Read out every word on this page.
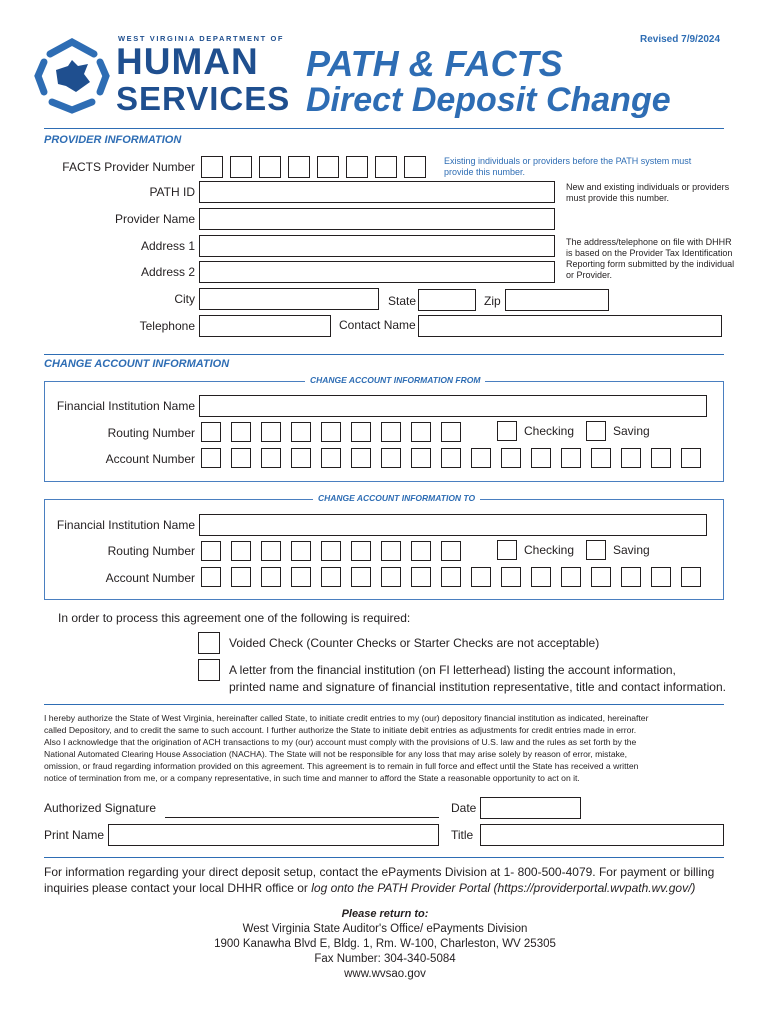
WEST VIRGINIA DEPARTMENT OF
HUMAN
SERVICES
Revised 7/9/2024
PATH & FACTS
Direct Deposit Change
PROVIDER INFORMATION
FACTS Provider Number	Existing individuals or providers before the PATH system must provide this number.
PATH ID	New and existing individuals or providers must provide this number.
Provider Name
Address 1	The address/telephone on file with DHHR is based on the Provider Tax Identification Reporting form submitted by the individual or Provider.
Address 2
City	State	Zip
Telephone	Contact Name
CHANGE ACCOUNT INFORMATION
CHANGE ACCOUNT INFORMATION FROM
Financial Institution Name
Routing Number	Checking	Saving
Account Number
CHANGE ACCOUNT INFORMATION TO
Financial Institution Name
Routing Number	Checking	Saving
Account Number
In order to process this agreement one of the following is required:
Voided Check (Counter Checks or Starter Checks are not acceptable)
A letter from the financial institution (on FI letterhead) listing the account information,
printed name and signature of financial institution representative, title and contact information.
I hereby authorize the State of West Virginia, hereinafter called State, to initiate credit entries to my (our) depository financial institution as indicated, hereinafter
called Depository, and to credit the same to such account. I further authorize the State to initiate debit entries as adjustments for credit entries made in error.
Also I acknowledge that the origination of ACH transactions to my (our) account must comply with the provisions of U.S. law and the rules as set forth by the
National Automated Clearing House Association (NACHA). The State will not be responsible for any loss that may arise solely by reason of error, mistake,
omission, or fraud regarding information provided on this agreement. This agreement is to remain in full force and effect until the State has received a written
notice of termination from me, or a company representative, in such time and manner to afford the State a reasonable opportunity to act on it.
Authorized Signature	Date
Print Name	Title
For information regarding your direct deposit setup, contact the ePayments Division at 1- 800-500-4079. For payment or billing
inquiries please contact your local DHHR office or log onto the PATH Provider Portal (https://providerportal.wvpath.wv.gov/)
Please return to:
West Virginia State Auditor's Office/ ePayments Division
1900 Kanawha Blvd E, Bldg. 1, Rm. W-100, Charleston, WV 25305
Fax Number: 304-340-5084
www.wvsao.gov
